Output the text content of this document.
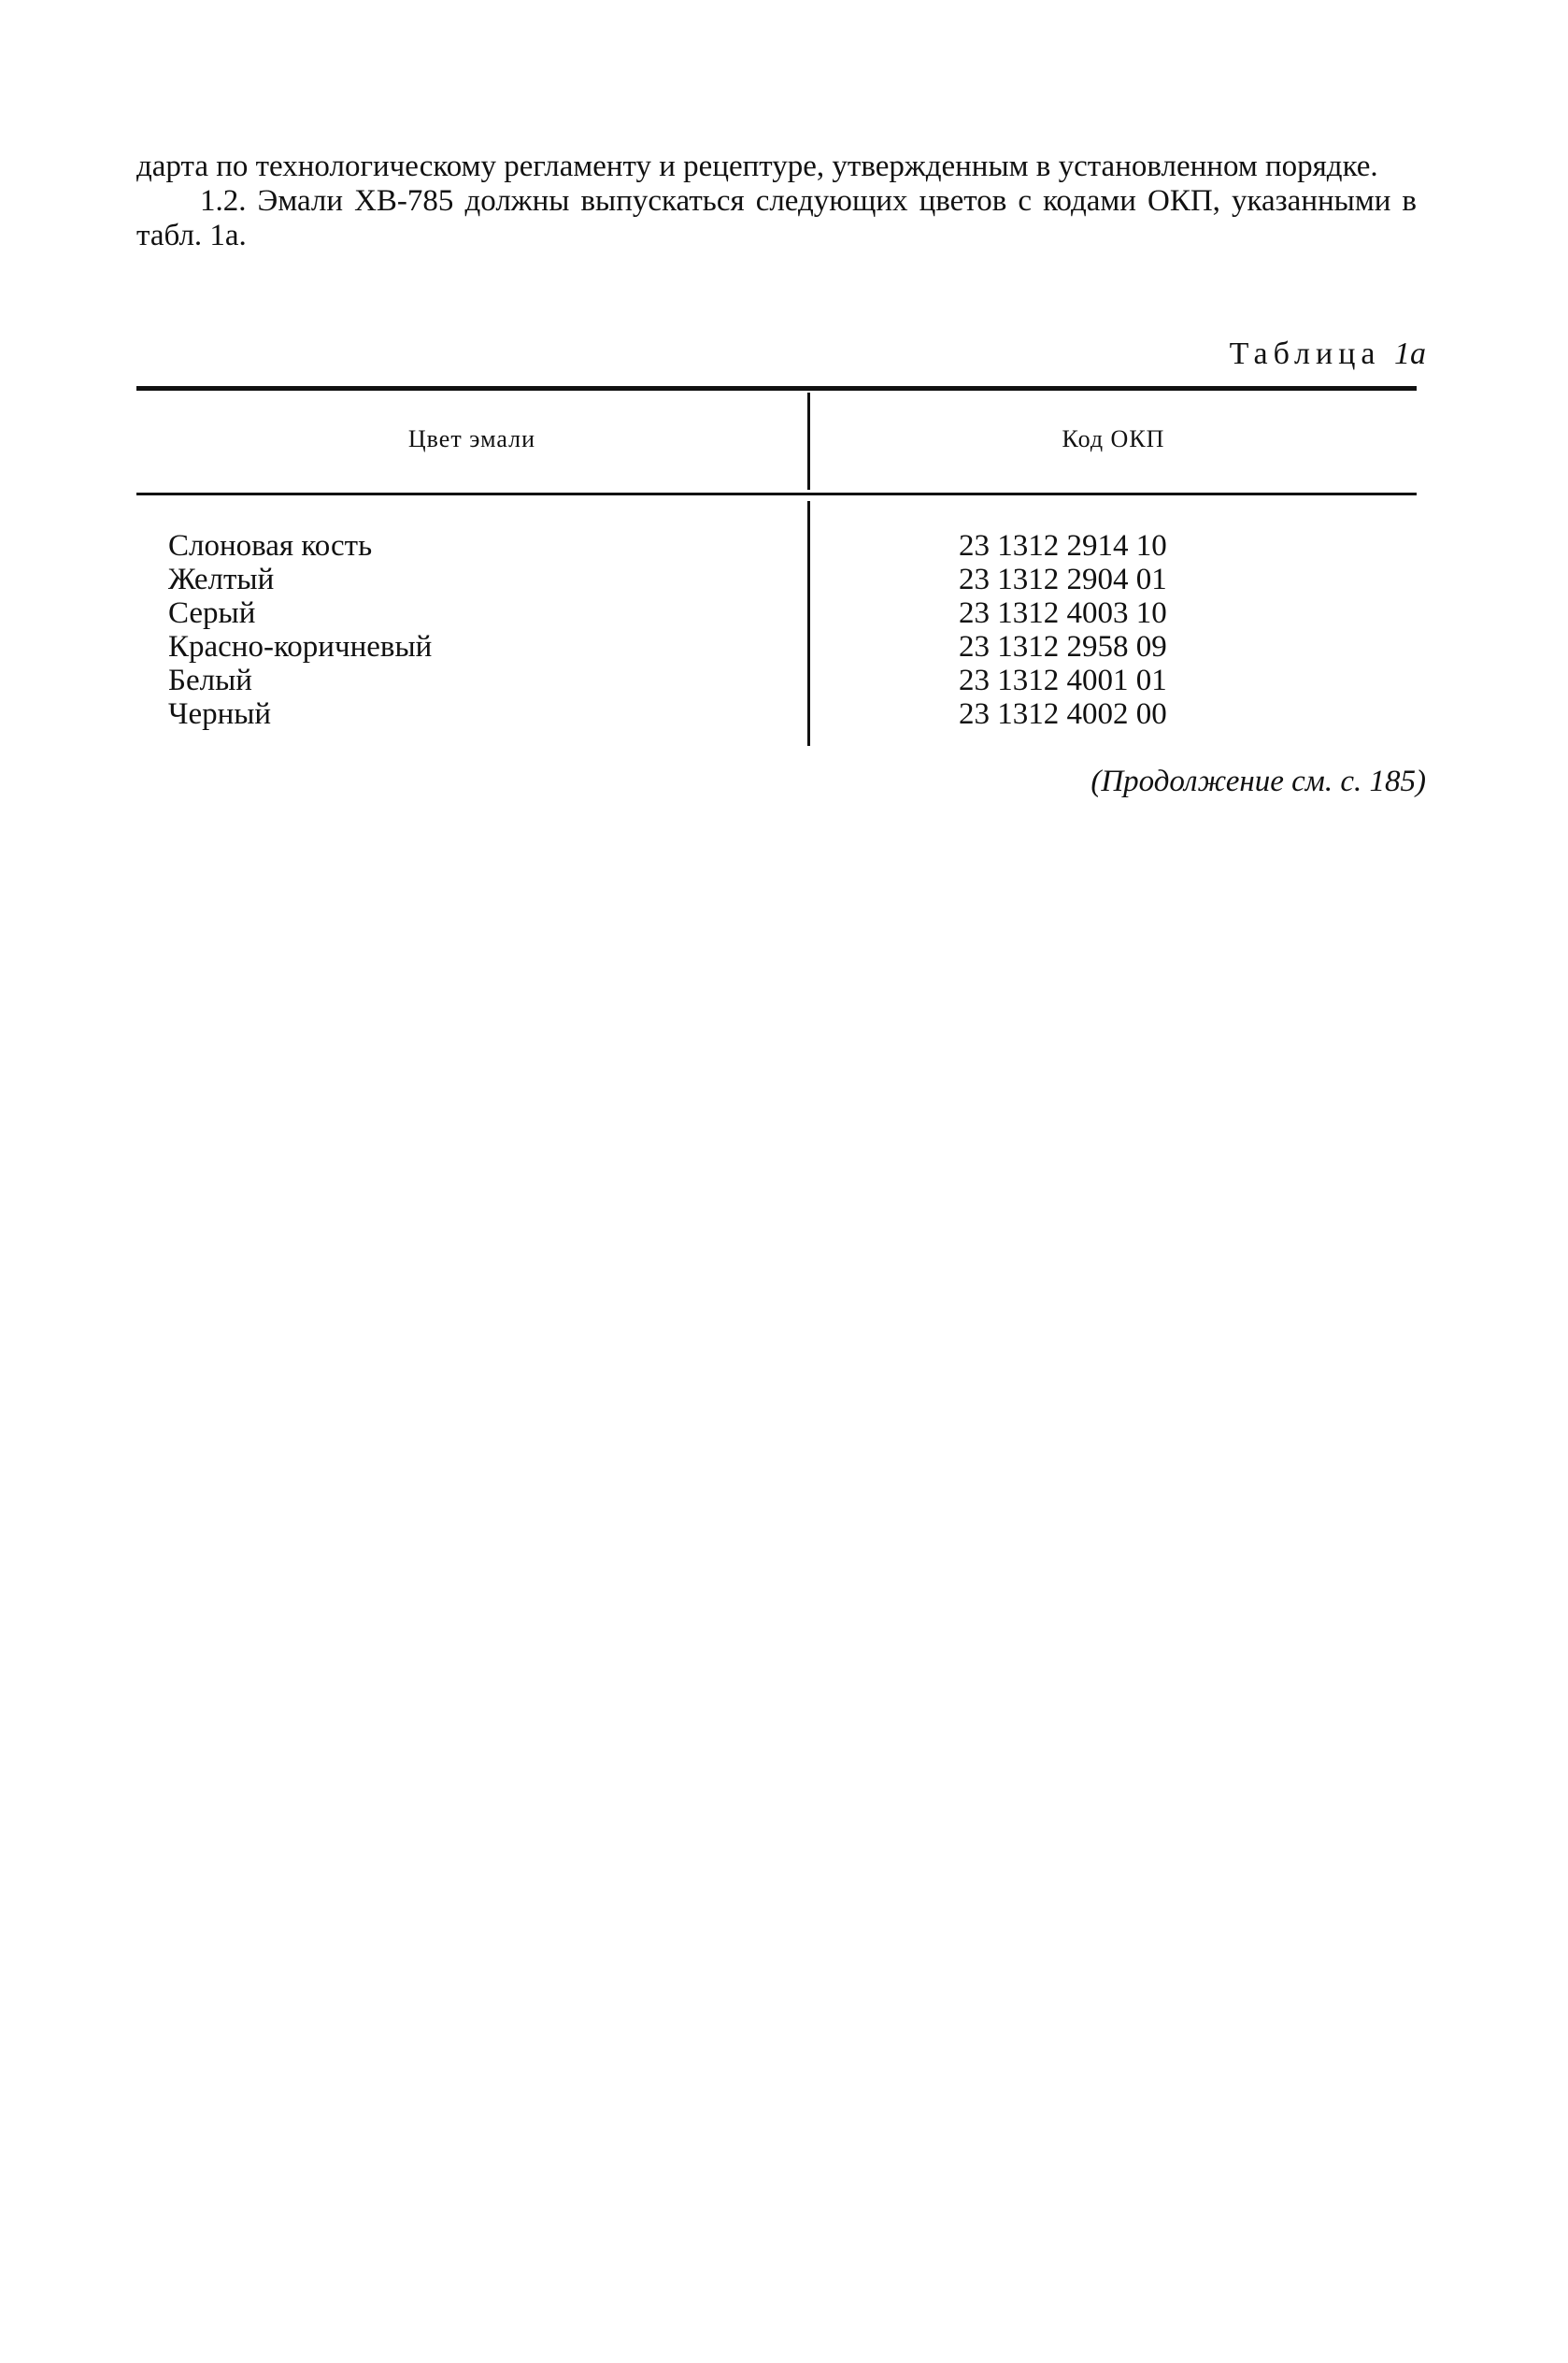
дарта по технологическому регламенту и рецептуре, утвержденным в установленном порядке.

1.2. Эмали ХВ-785 должны выпускаться следующих цветов с кодами ОКП, указанными в табл. 1а.

Таблица 1а
Цвет эмали	Код ОКП
Слоновая кость	23 1312 2914 10
Желтый	23 1312 2904 01
Серый	23 1312 4003 10
Красно-коричневый	23 1312 2958 09
Белый	23 1312 4001 01
Черный	23 1312 4002 00
(Продолжение см. с. 185)
